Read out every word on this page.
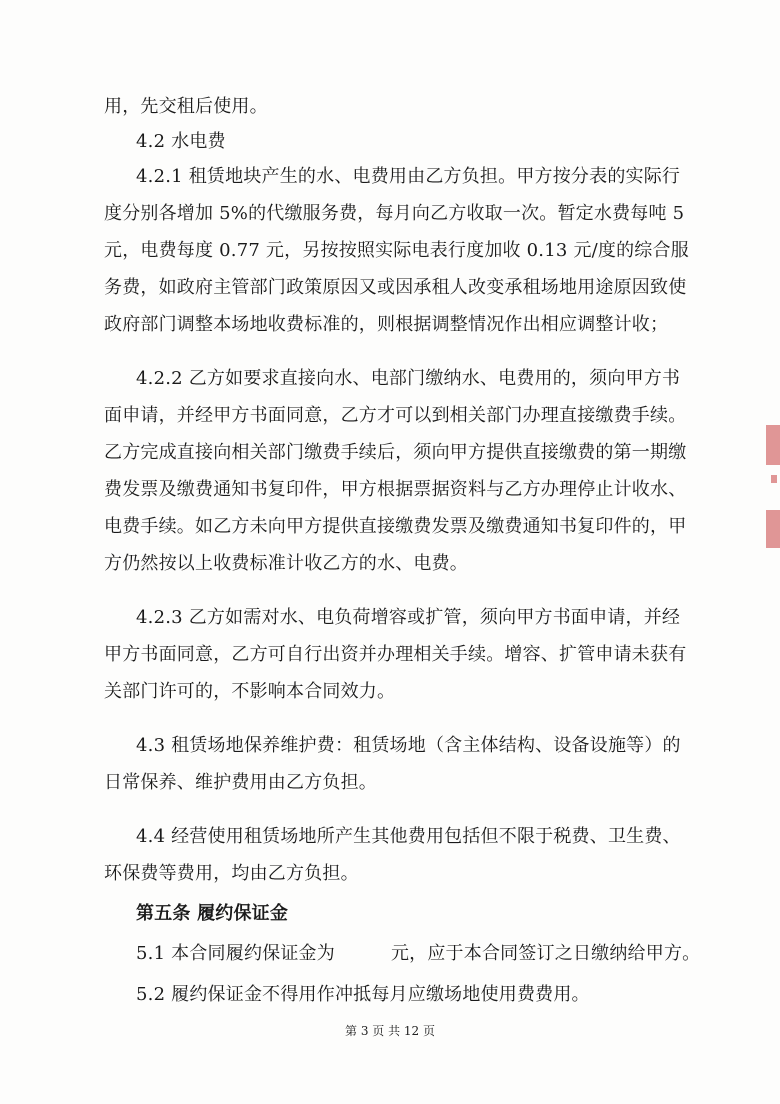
用，先交租后使用。
4.2 水电费
4.2.1 租赁地块产生的水、电费用由乙方负担。甲方按分表的实际行
度分别各增加 5%的代缴服务费，每月向乙方收取一次。暂定水费每吨 5
元，电费每度 0.77 元，另按按照实际电表行度加收 0.13 元/度的综合服
务费，如政府主管部门政策原因又或因承租人改变承租场地用途原因致使
政府部门调整本场地收费标准的，则根据调整情况作出相应调整计收；
4.2.2 乙方如要求直接向水、电部门缴纳水、电费用的，须向甲方书
面申请，并经甲方书面同意，乙方才可以到相关部门办理直接缴费手续。
乙方完成直接向相关部门缴费手续后，须向甲方提供直接缴费的第一期缴
费发票及缴费通知书复印件，甲方根据票据资料与乙方办理停止计收水、
电费手续。如乙方未向甲方提供直接缴费发票及缴费通知书复印件的，甲
方仍然按以上收费标准计收乙方的水、电费。
4.2.3 乙方如需对水、电负荷增容或扩管，须向甲方书面申请，并经
甲方书面同意，乙方可自行出资并办理相关手续。增容、扩管申请未获有
关部门许可的，不影响本合同效力。
4.3 租赁场地保养维护费：租赁场地（含主体结构、设备设施等）的
日常保养、维护费用由乙方负担。
4.4 经营使用租赁场地所产生其他费用包括但不限于税费、卫生费、
环保费等费用，均由乙方负担。
第五条 履约保证金
5.1 本合同履约保证金为	元，应于本合同签订之日缴纳给甲方。
5.2 履约保证金不得用作冲抵每月应缴场地使用费费用。
第 3 页 共 12 页
